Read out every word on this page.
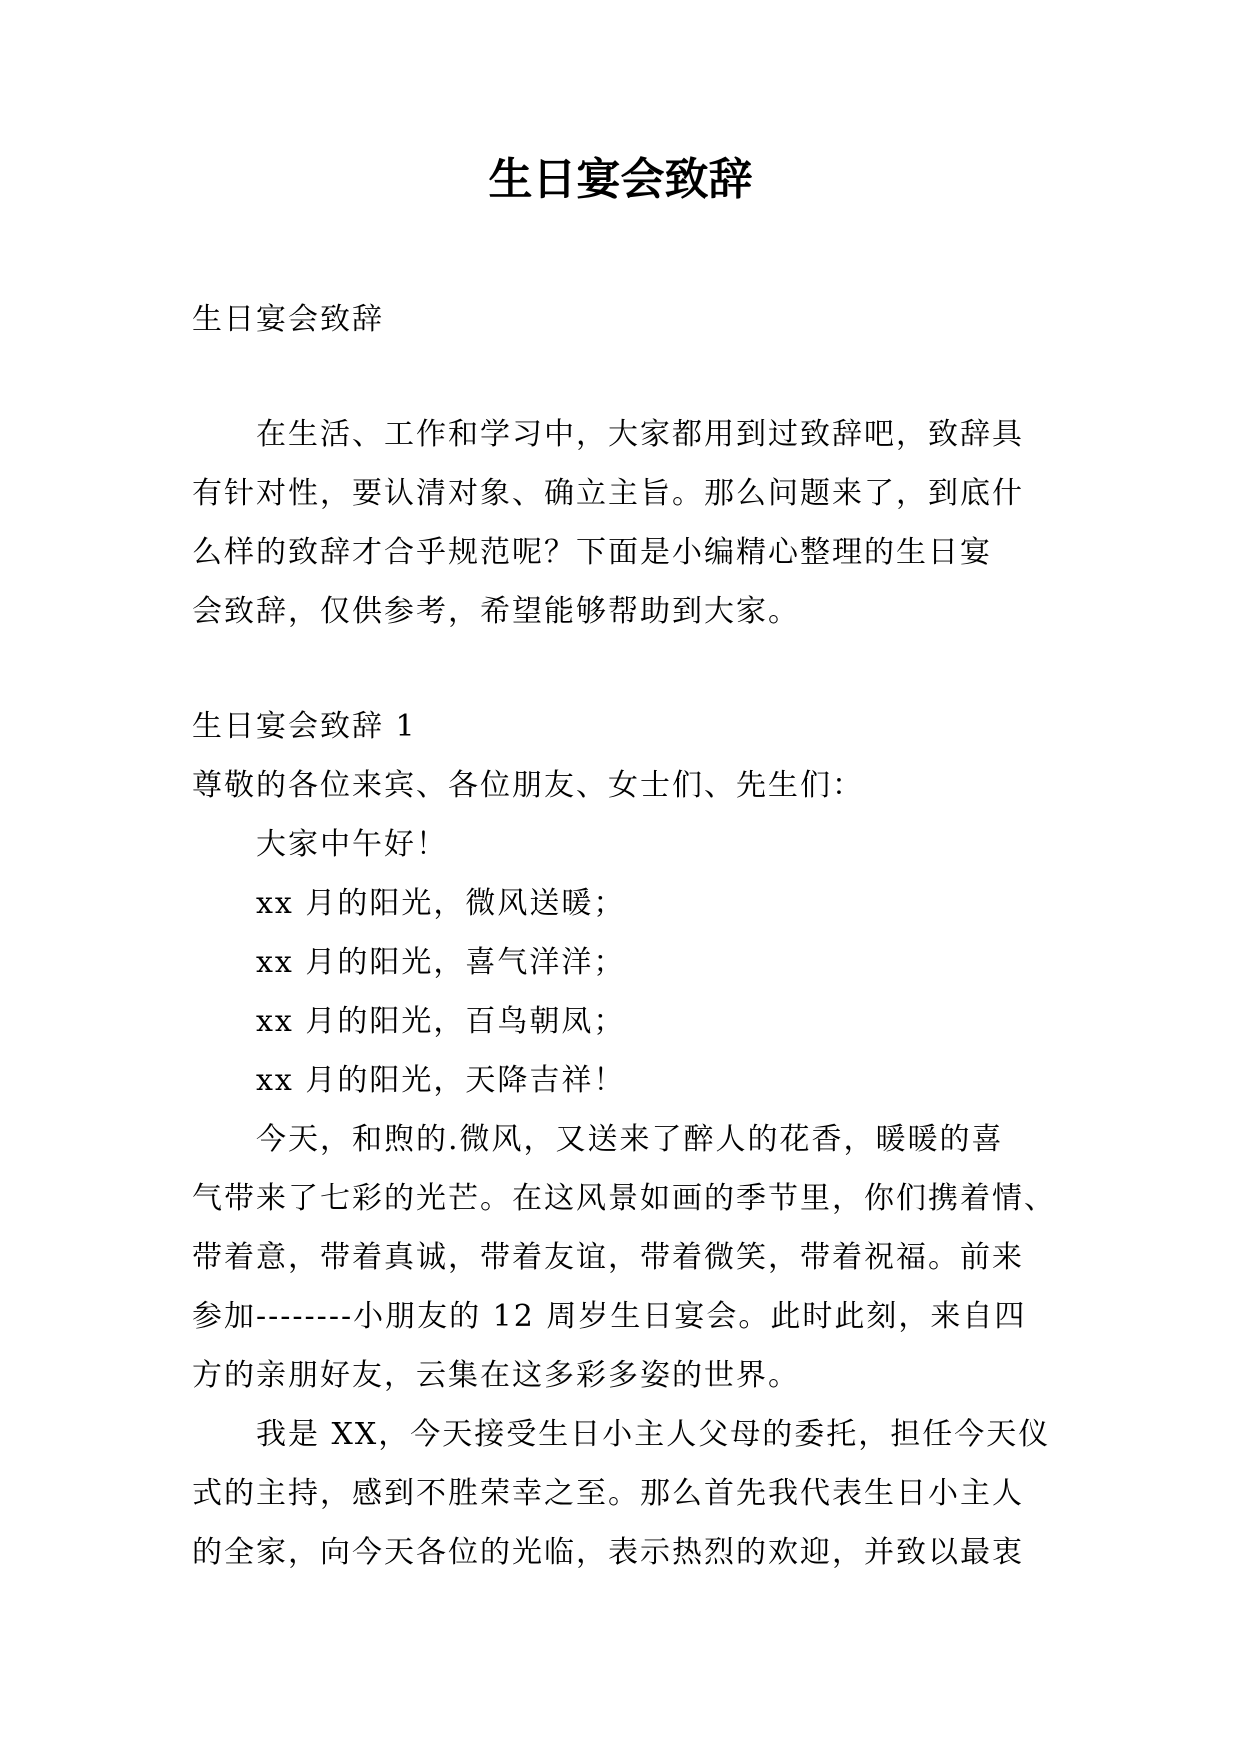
生日宴会致辞
生日宴会致辞
在生活、工作和学习中，大家都用到过致辞吧，致辞具
有针对性，要认清对象、确立主旨。那么问题来了，到底什
么样的致辞才合乎规范呢？下面是小编精心整理的生日宴
会致辞，仅供参考，希望能够帮助到大家。
生日宴会致辞 1
尊敬的各位来宾、各位朋友、女士们、先生们：
大家中午好！
xx 月的阳光，微风送暖；
xx 月的阳光，喜气洋洋；
xx 月的阳光，百鸟朝凤；
xx 月的阳光，天降吉祥！
今天，和煦的.微风，又送来了醉人的花香，暖暖的喜
气带来了七彩的光芒。在这风景如画的季节里，你们携着情、
带着意，带着真诚，带着友谊，带着微笑，带着祝福。前来
参加--------小朋友的 12 周岁生日宴会。此时此刻，来自四
方的亲朋好友，云集在这多彩多姿的世界。
我是 XX，今天接受生日小主人父母的委托，担任今天仪
式的主持，感到不胜荣幸之至。那么首先我代表生日小主人
的全家，向今天各位的光临，表示热烈的欢迎，并致以最衷
